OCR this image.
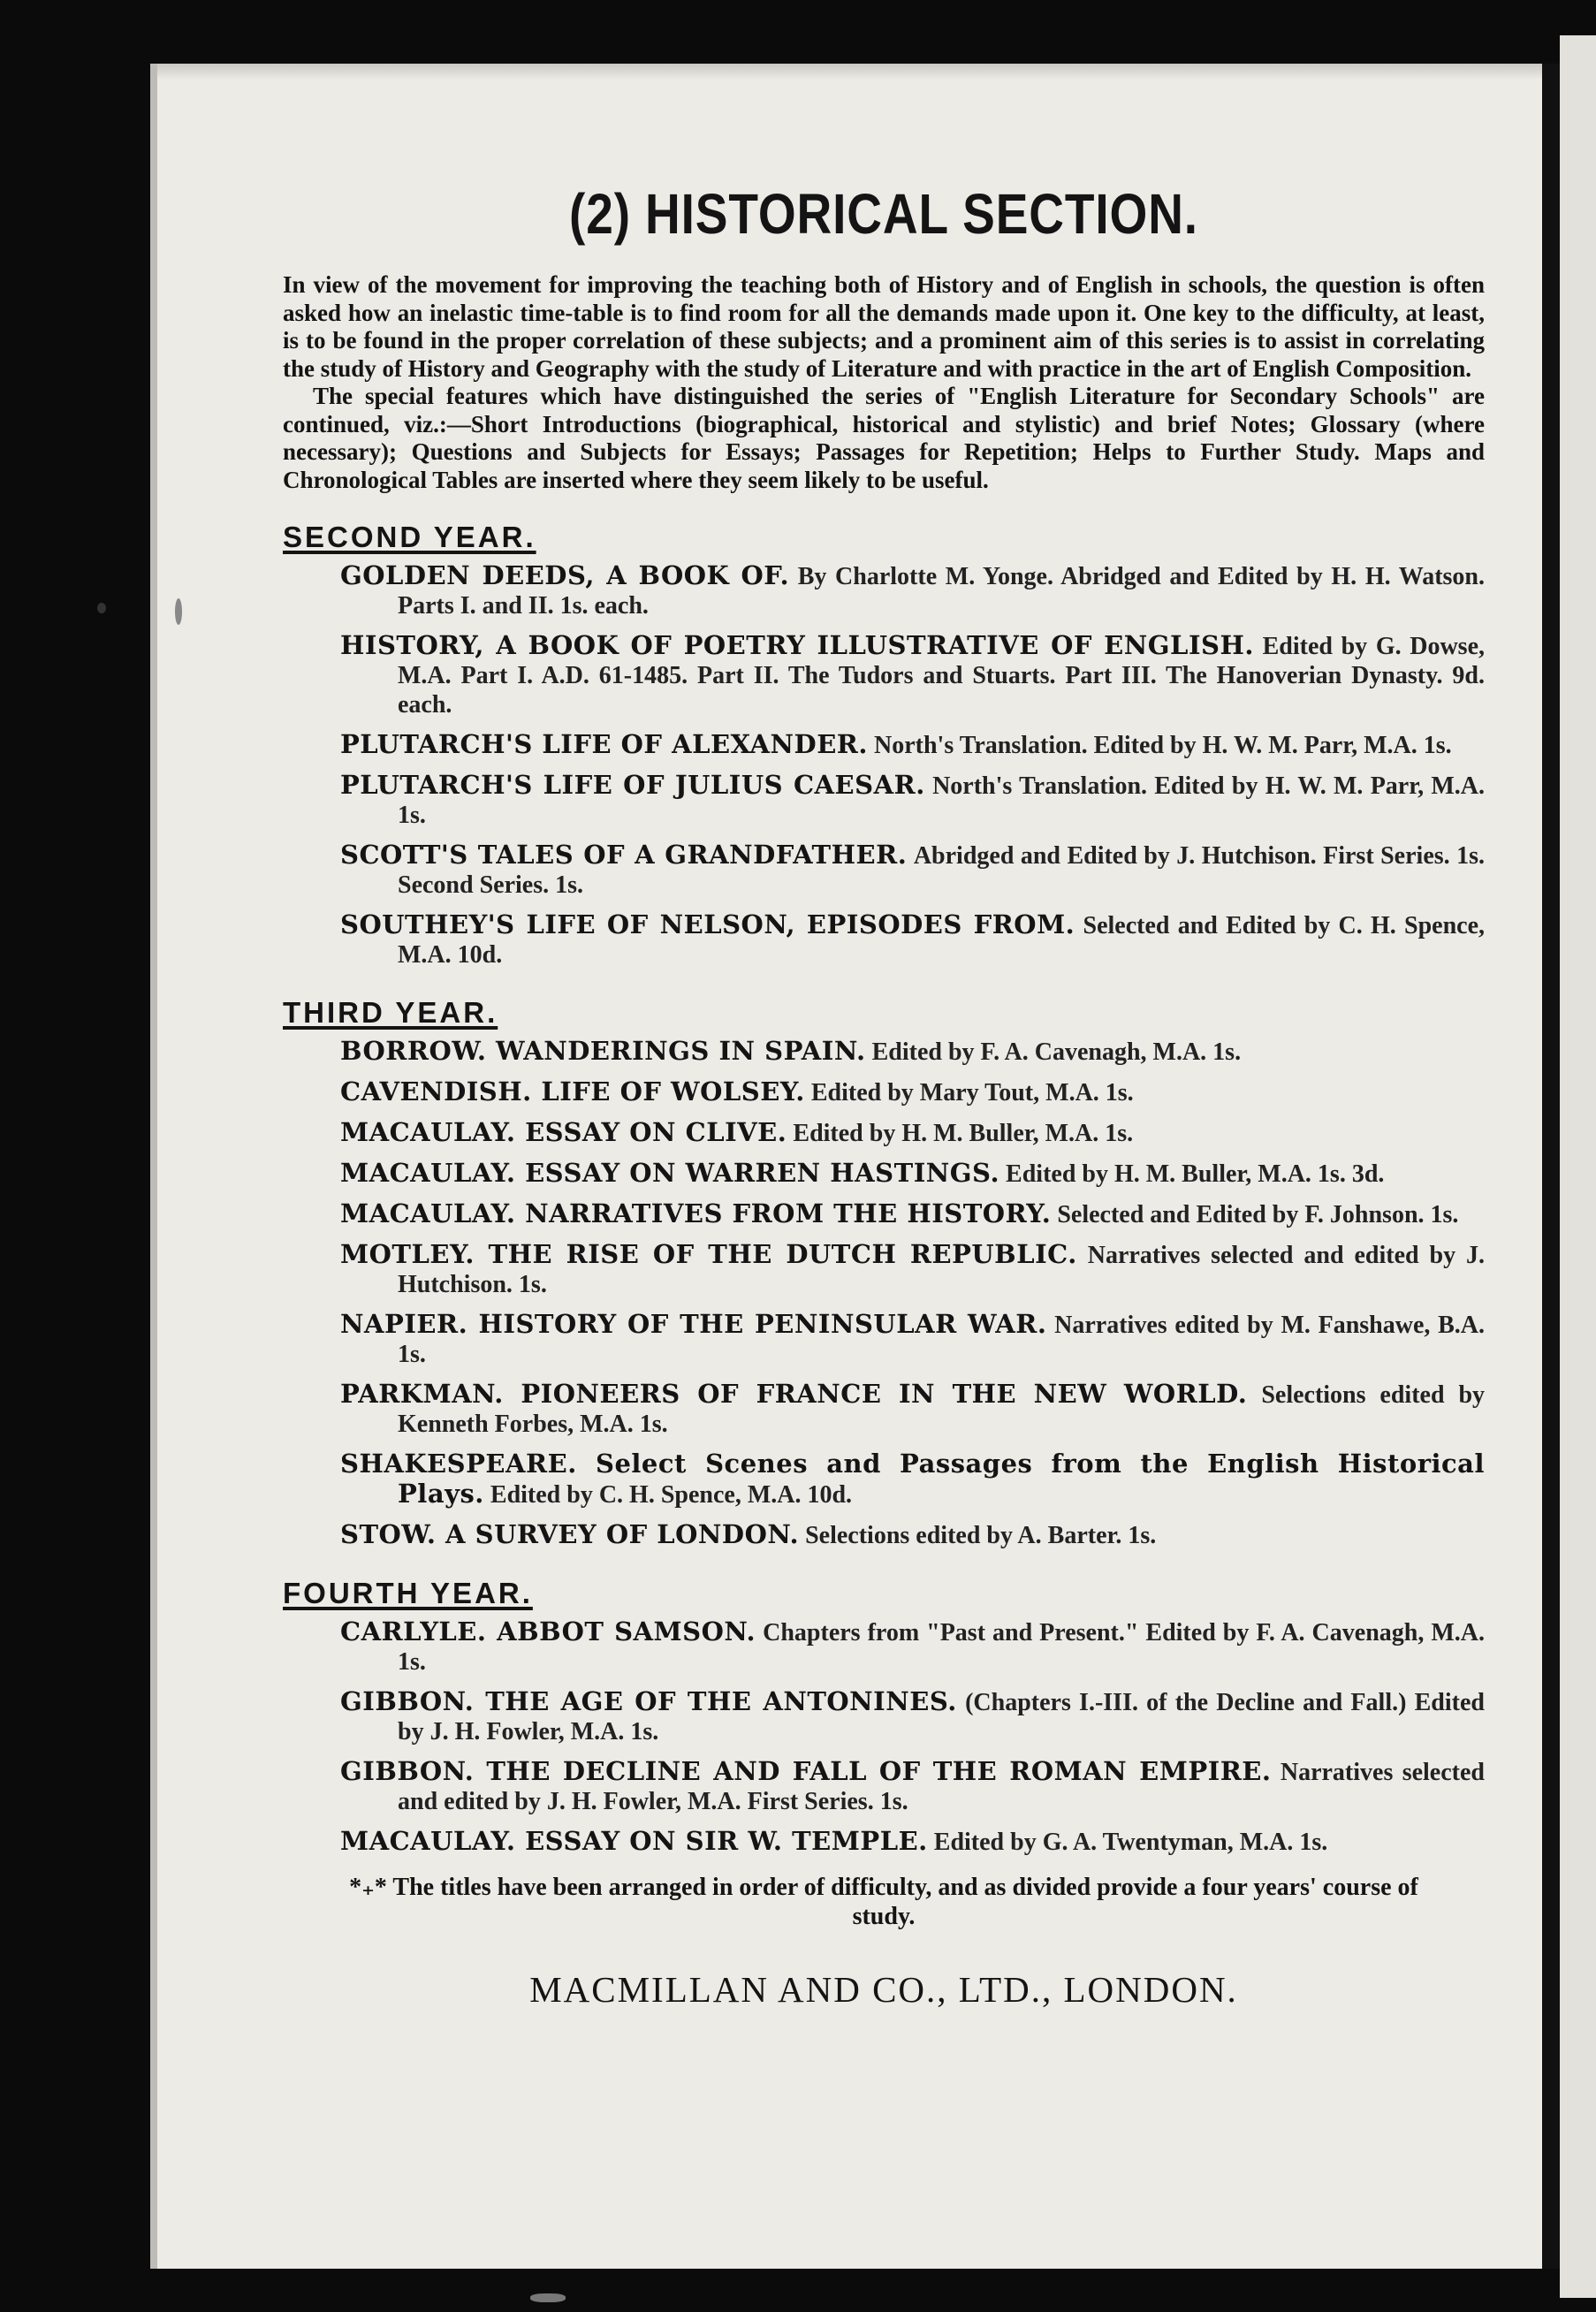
(2) HISTORICAL SECTION.

In view of the movement for improving the teaching both of History and of English in schools, the question is often asked how an inelastic time-table is to find room for all the demands made upon it. One key to the difficulty, at least, is to be found in the proper correlation of these subjects; and a prominent aim of this series is to assist in correlating the study of History and Geography with the study of Literature and with practice in the art of English Composition.

The special features which have distinguished the series of "English Literature for Secondary Schools" are continued, viz.:—Short Introductions (biographical, historical and stylistic) and brief Notes; Glossary (where necessary); Questions and Subjects for Essays; Passages for Repetition; Helps to Further Study. Maps and Chronological Tables are inserted where they seem likely to be useful.

SECOND YEAR.
GOLDEN DEEDS, A BOOK OF. By Charlotte M. Yonge. Abridged and Edited by H. H. Watson. Parts I. and II. 1s. each.
HISTORY, A BOOK OF POETRY ILLUSTRATIVE OF ENGLISH. Edited by G. Dowse, M.A. Part I. A.D. 61-1485. Part II. The Tudors and Stuarts. Part III. The Hanoverian Dynasty. 9d. each.
PLUTARCH'S LIFE OF ALEXANDER. North's Translation. Edited by H. W. M. Parr, M.A. 1s.
PLUTARCH'S LIFE OF JULIUS CAESAR. North's Translation. Edited by H. W. M. Parr, M.A. 1s.
SCOTT'S TALES OF A GRANDFATHER. Abridged and Edited by J. Hutchison. First Series. 1s. Second Series. 1s.
SOUTHEY'S LIFE OF NELSON, EPISODES FROM. Selected and Edited by C. H. Spence, M.A. 10d.
THIRD YEAR.
BORROW. WANDERINGS IN SPAIN. Edited by F. A. Cavenagh, M.A. 1s.
CAVENDISH. LIFE OF WOLSEY. Edited by Mary Tout, M.A. 1s.
MACAULAY. ESSAY ON CLIVE. Edited by H. M. Buller, M.A. 1s.
MACAULAY. ESSAY ON WARREN HASTINGS. Edited by H. M. Buller, M.A. 1s. 3d.
MACAULAY. NARRATIVES FROM THE HISTORY. Selected and Edited by F. Johnson. 1s.
MOTLEY. THE RISE OF THE DUTCH REPUBLIC. Narratives selected and edited by J. Hutchison. 1s.
NAPIER. HISTORY OF THE PENINSULAR WAR. Narratives edited by M. Fanshawe, B.A. 1s.
PARKMAN. PIONEERS OF FRANCE IN THE NEW WORLD. Selections edited by Kenneth Forbes, M.A. 1s.
SHAKESPEARE. Select Scenes and Passages from the English Historical Plays. Edited by C. H. Spence, M.A. 10d.
STOW. A SURVEY OF LONDON. Selections edited by A. Barter. 1s.
FOURTH YEAR.
CARLYLE. ABBOT SAMSON. Chapters from "Past and Present." Edited by F. A. Cavenagh, M.A. 1s.
GIBBON. THE AGE OF THE ANTONINES. (Chapters I.-III. of the Decline and Fall.) Edited by J. H. Fowler, M.A. 1s.
GIBBON. THE DECLINE AND FALL OF THE ROMAN EMPIRE. Narratives selected and edited by J. H. Fowler, M.A. First Series. 1s.
MACAULAY. ESSAY ON SIR W. TEMPLE. Edited by G. A. Twentyman, M.A. 1s.
*₊* The titles have been arranged in order of difficulty, and as divided provide a four years' course of study.
MACMILLAN AND CO., LTD., LONDON.
